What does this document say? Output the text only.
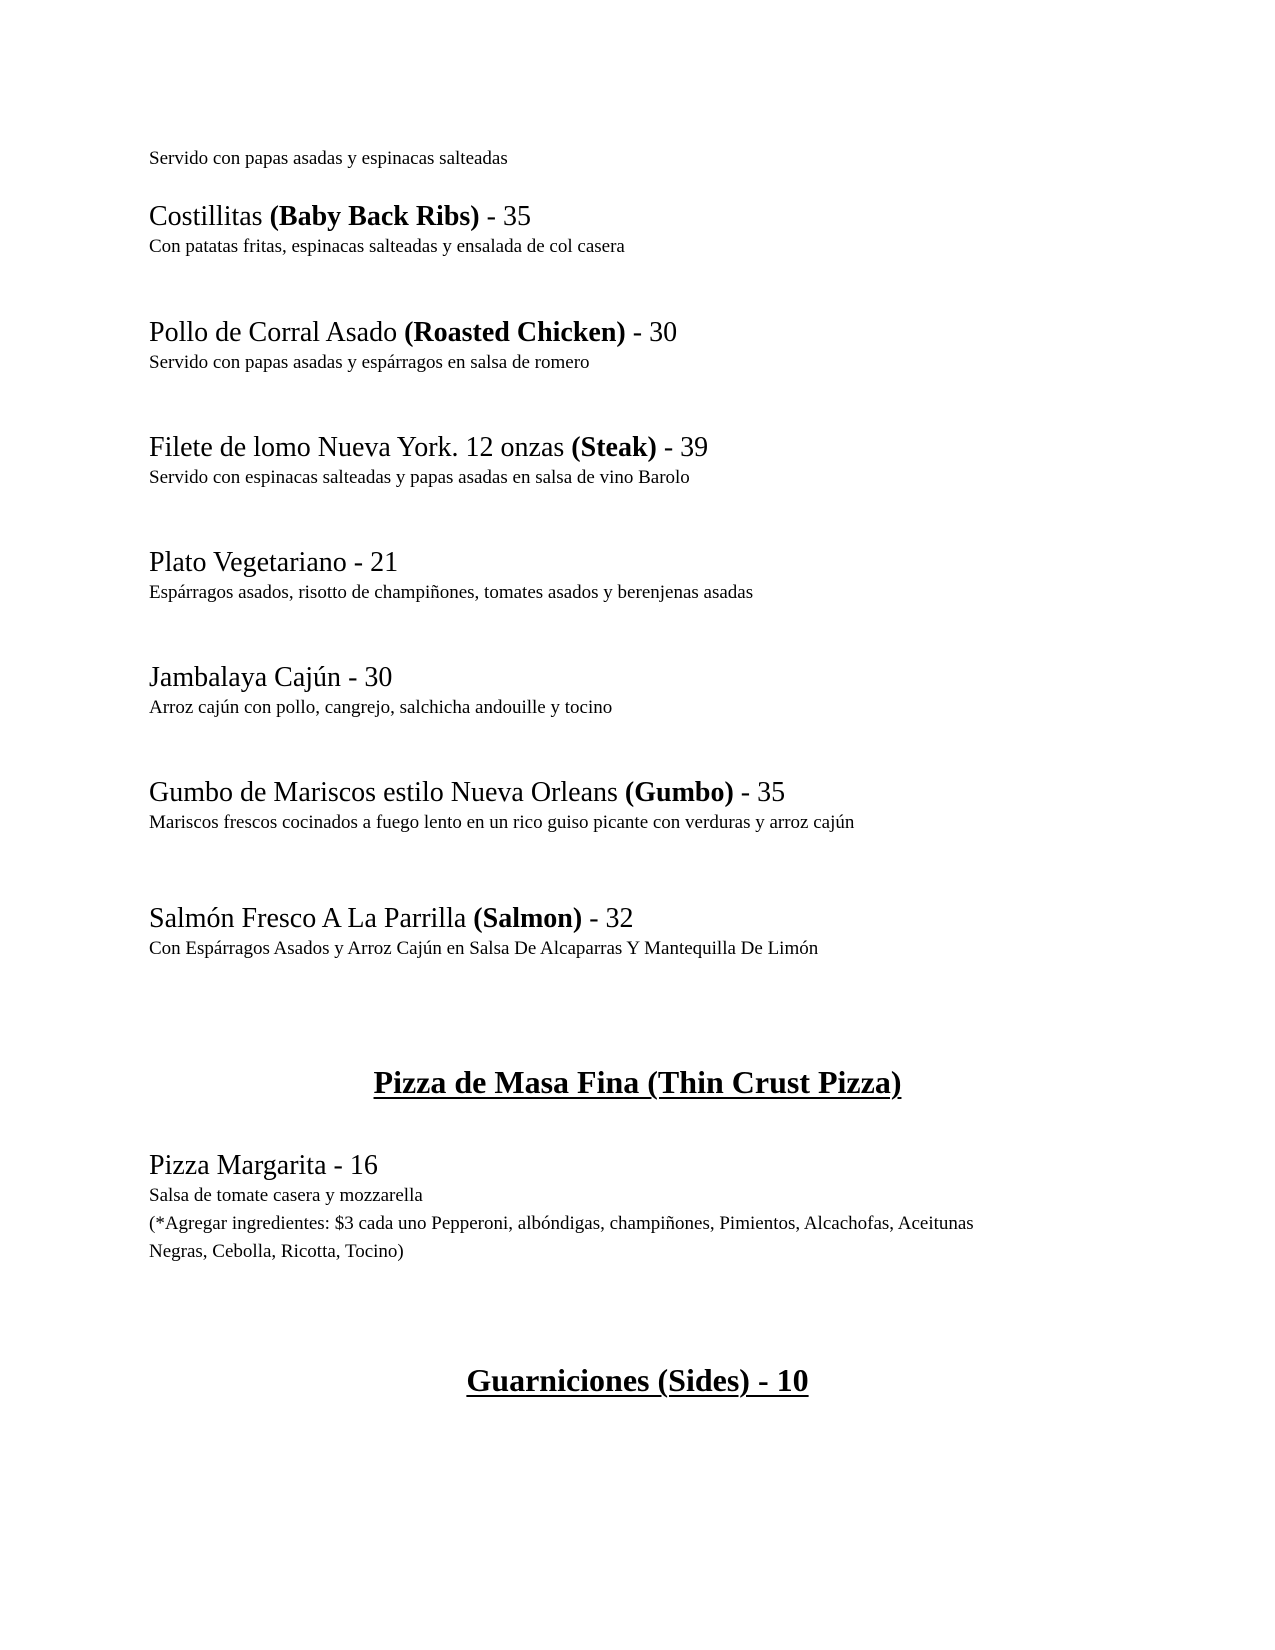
Servido con papas asadas y espinacas salteadas
Costillitas (Baby Back Ribs) - 35
Con patatas fritas, espinacas salteadas y ensalada de col casera
Pollo de Corral Asado (Roasted Chicken) - 30
Servido con papas asadas y espárragos en salsa de romero
Filete de lomo Nueva York. 12 onzas (Steak) - 39
Servido con espinacas salteadas y papas asadas en salsa de vino Barolo
Plato Vegetariano - 21
Espárragos asados, risotto de champiñones, tomates asados y berenjenas asadas
Jambalaya Cajún - 30
Arroz cajún con pollo, cangrejo, salchicha andouille y tocino
Gumbo de Mariscos estilo Nueva Orleans (Gumbo) - 35
Mariscos frescos cocinados a fuego lento en un rico guiso picante con verduras y arroz cajún
Salmón Fresco A La Parrilla (Salmon) - 32
Con Espárragos Asados y Arroz Cajún en Salsa De Alcaparras Y Mantequilla De Limón
Pizza de Masa Fina (Thin Crust Pizza)
Pizza Margarita - 16
Salsa de tomate casera y mozzarella
(*Agregar ingredientes: $3 cada uno Pepperoni, albóndigas, champiñones, Pimientos, Alcachofas, Aceitunas
Negras, Cebolla, Ricotta, Tocino)
Guarniciones (Sides) - 10
